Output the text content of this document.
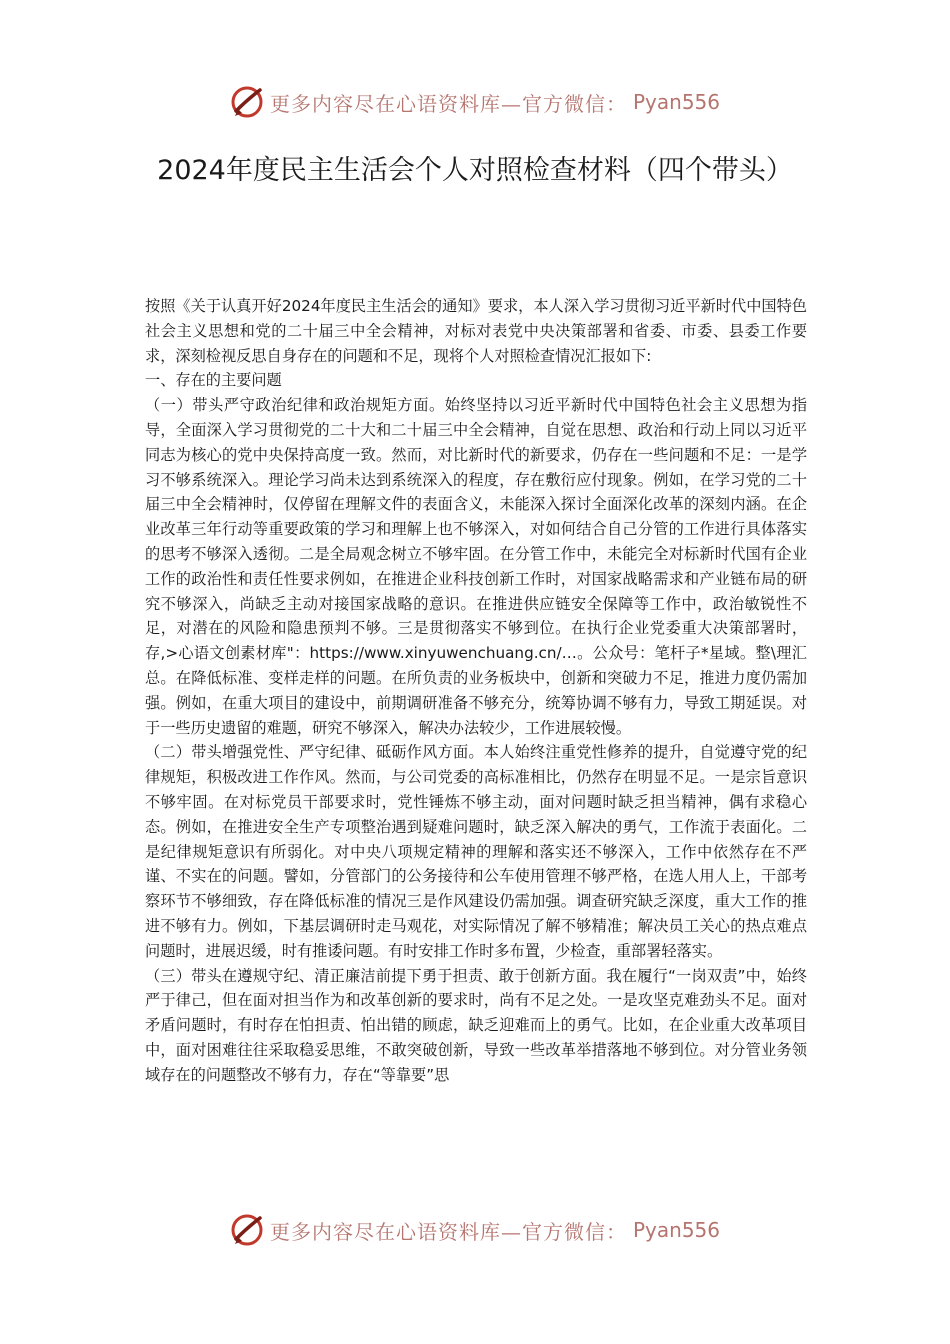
更多内容尽在心语资料库—官方微信： Pyan556
2024年度民主生活会个人对照检查材料（四个带头）

按照《关于认真开好2024年度民主生活会的通知》要求，本人深入学习贯彻习近平新时代中国特色社会主义思想和党的二十届三中全会精神，对标对表党中央决策部署和省委、市委、县委工作要求，深刻检视反思自身存在的问题和不足，现将个人对照检查情况汇报如下:

一、存在的主要问题

（一）带头严守政治纪律和政治规矩方面。始终坚持以习近平新时代中国特色社会主义思想为指导，全面深入学习贯彻党的二十大和二十届三中全会精神，自觉在思想、政治和行动上同以习近平同志为核心的党中央保持高度一致。然而，对比新时代的新要求，仍存在一些问题和不足：一是学习不够系统深入。理论学习尚未达到系统深入的程度，存在敷衍应付现象。例如，在学习党的二十届三中全会精神时，仅停留在理解文件的表面含义，未能深入探讨全面深化改革的深刻内涵。在企业改革三年行动等重要政策的学习和理解上也不够深入，对如何结合自己分管的工作进行具体落实的思考不够深入透彻。二是全局观念树立不够牢固。在分管工作中，未能完全对标新时代国有企业工作的政治性和责任性要求例如，在推进企业科技创新工作时，对国家战略需求和产业链布局的研究不够深入，尚缺乏主动对接国家战略的意识。在推进供应链安全保障等工作中，政治敏锐性不足，对潜在的风险和隐患预判不够。三是贯彻落实不够到位。在执行企业党委重大决策部署时，存,>心语文创素材库"：https://www.xinyuwenchuang.cn/…。公众号：笔杆子*星域。整\理汇总。在降低标准、变样走样的问题。在所负责的业务板块中，创新和突破力不足，推进力度仍需加强。例如，在重大项目的建设中，前期调研准备不够充分，统筹协调不够有力，导致工期延误。对于一些历史遗留的难题，研究不够深入，解决办法较少，工作进展较慢。

（二）带头增强党性、严守纪律、砥砺作风方面。本人始终注重党性修养的提升，自觉遵守党的纪律规矩，积极改进工作作风。然而，与公司党委的高标准相比，仍然存在明显不足。一是宗旨意识不够牢固。在对标党员干部要求时，党性锤炼不够主动，面对问题时缺乏担当精神，偶有求稳心态。例如，在推进安全生产专项整治遇到疑难问题时，缺乏深入解决的勇气，工作流于表面化。二是纪律规矩意识有所弱化。对中央八项规定精神的理解和落实还不够深入，工作中依然存在不严谨、不实在的问题。譬如，分管部门的公务接待和公车使用管理不够严格，在选人用人上，干部考察环节不够细致，存在降低标准的情况三是作风建设仍需加强。调查研究缺乏深度，重大工作的推进不够有力。例如，下基层调研时走马观花，对实际情况了解不够精准；解决员工关心的热点难点问题时，进展迟缓，时有推诿问题。有时安排工作时多布置，少检查，重部署轻落实。

（三）带头在遵规守纪、清正廉洁前提下勇于担责、敢于创新方面。我在履行“一岗双责”中，始终严于律己，但在面对担当作为和改革创新的要求时，尚有不足之处。一是攻坚克难劲头不足。面对矛盾问题时，有时存在怕担责、怕出错的顾虑，缺乏迎难而上的勇气。比如，在企业重大改革项目中，面对困难往往采取稳妥思维，不敢突破创新，导致一些改革举措落地不够到位。对分管业务领域存在的问题整改不够有力，存在“等靠要”思

更多内容尽在心语资料库—官方微信： Pyan556
